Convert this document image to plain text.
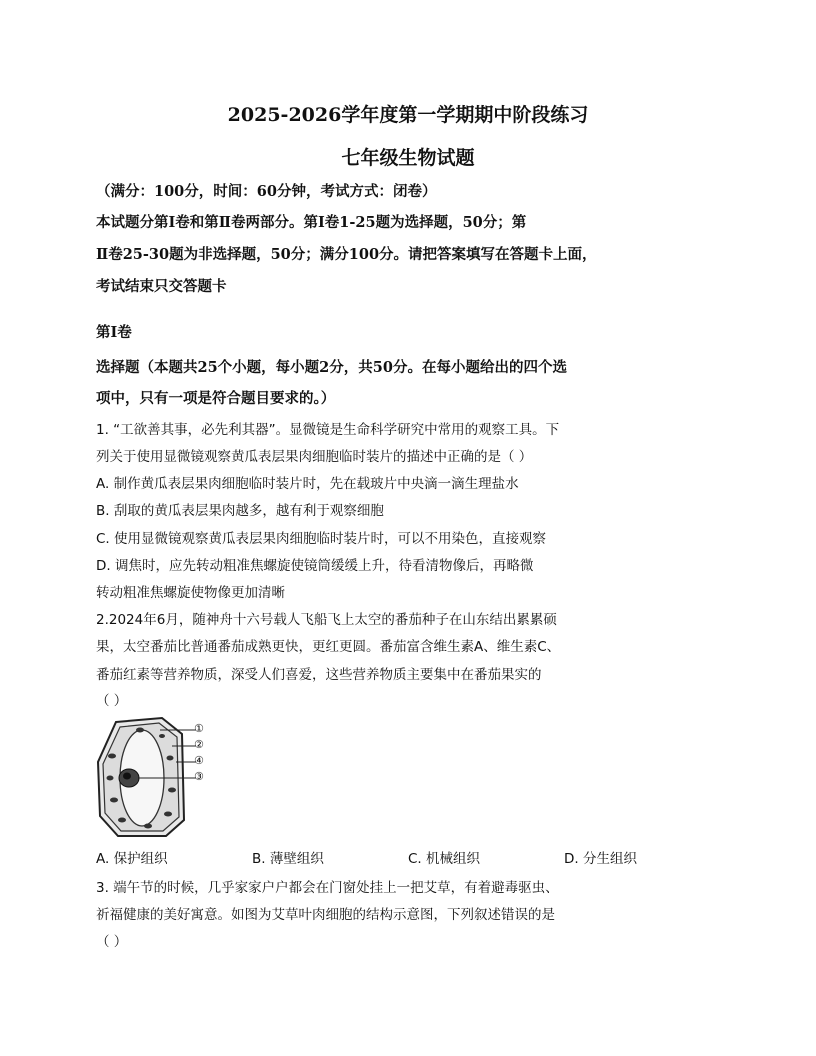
2025-2026学年度第一学期期中阶段练习
七年级生物试题
（满分：100分，时间：60分钟，考试方式：闭卷）
本试题分第Ⅰ卷和第Ⅱ卷两部分。第Ⅰ卷1-25题为选择题，50分；第
Ⅱ卷25-30题为非选择题，50分；满分100分。请把答案填写在答题卡上面，
考试结束只交答题卡
第Ⅰ卷
选择题（本题共25个小题，每小题2分，共50分。在每小题给出的四个选
项中，只有一项是符合题目要求的。）
1. “工欲善其事，必先利其器”。显微镜是生命科学研究中常用的观察工具。下
列关于使用显微镜观察黄瓜表层果肉细胞临时装片的描述中正确的是（ ）
A. 制作黄瓜表层果肉细胞临时装片时，先在载玻片中央滴一滴生理盐水
B. 刮取的黄瓜表层果肉越多，越有利于观察细胞
C. 使用显微镜观察黄瓜表层果肉细胞临时装片时，可以不用染色，直接观察
D. 调焦时，应先转动粗准焦螺旋使镜筒缓缓上升，待看清物像后，再略微
转动粗准焦螺旋使物像更加清晰
2.2024年6月，随神舟十六号载人飞船飞上太空的番茄种子在山东结出累累硕
果，太空番茄比普通番茄成熟更快，更红更圆。番茄富含维生素A、维生素C、
番茄红素等营养物质，深受人们喜爱，这些营养物质主要集中在番茄果实的
（ ）
①
②
④
③
A. 保护组织	B. 薄壁组织	C. 机械组织	D. 分生组织
3. 端午节的时候，几乎家家户户都会在门窗处挂上一把艾草，有着避毒驱虫、
祈福健康的美好寓意。如图为艾草叶肉细胞的结构示意图，下列叙述错误的是
（ ）
